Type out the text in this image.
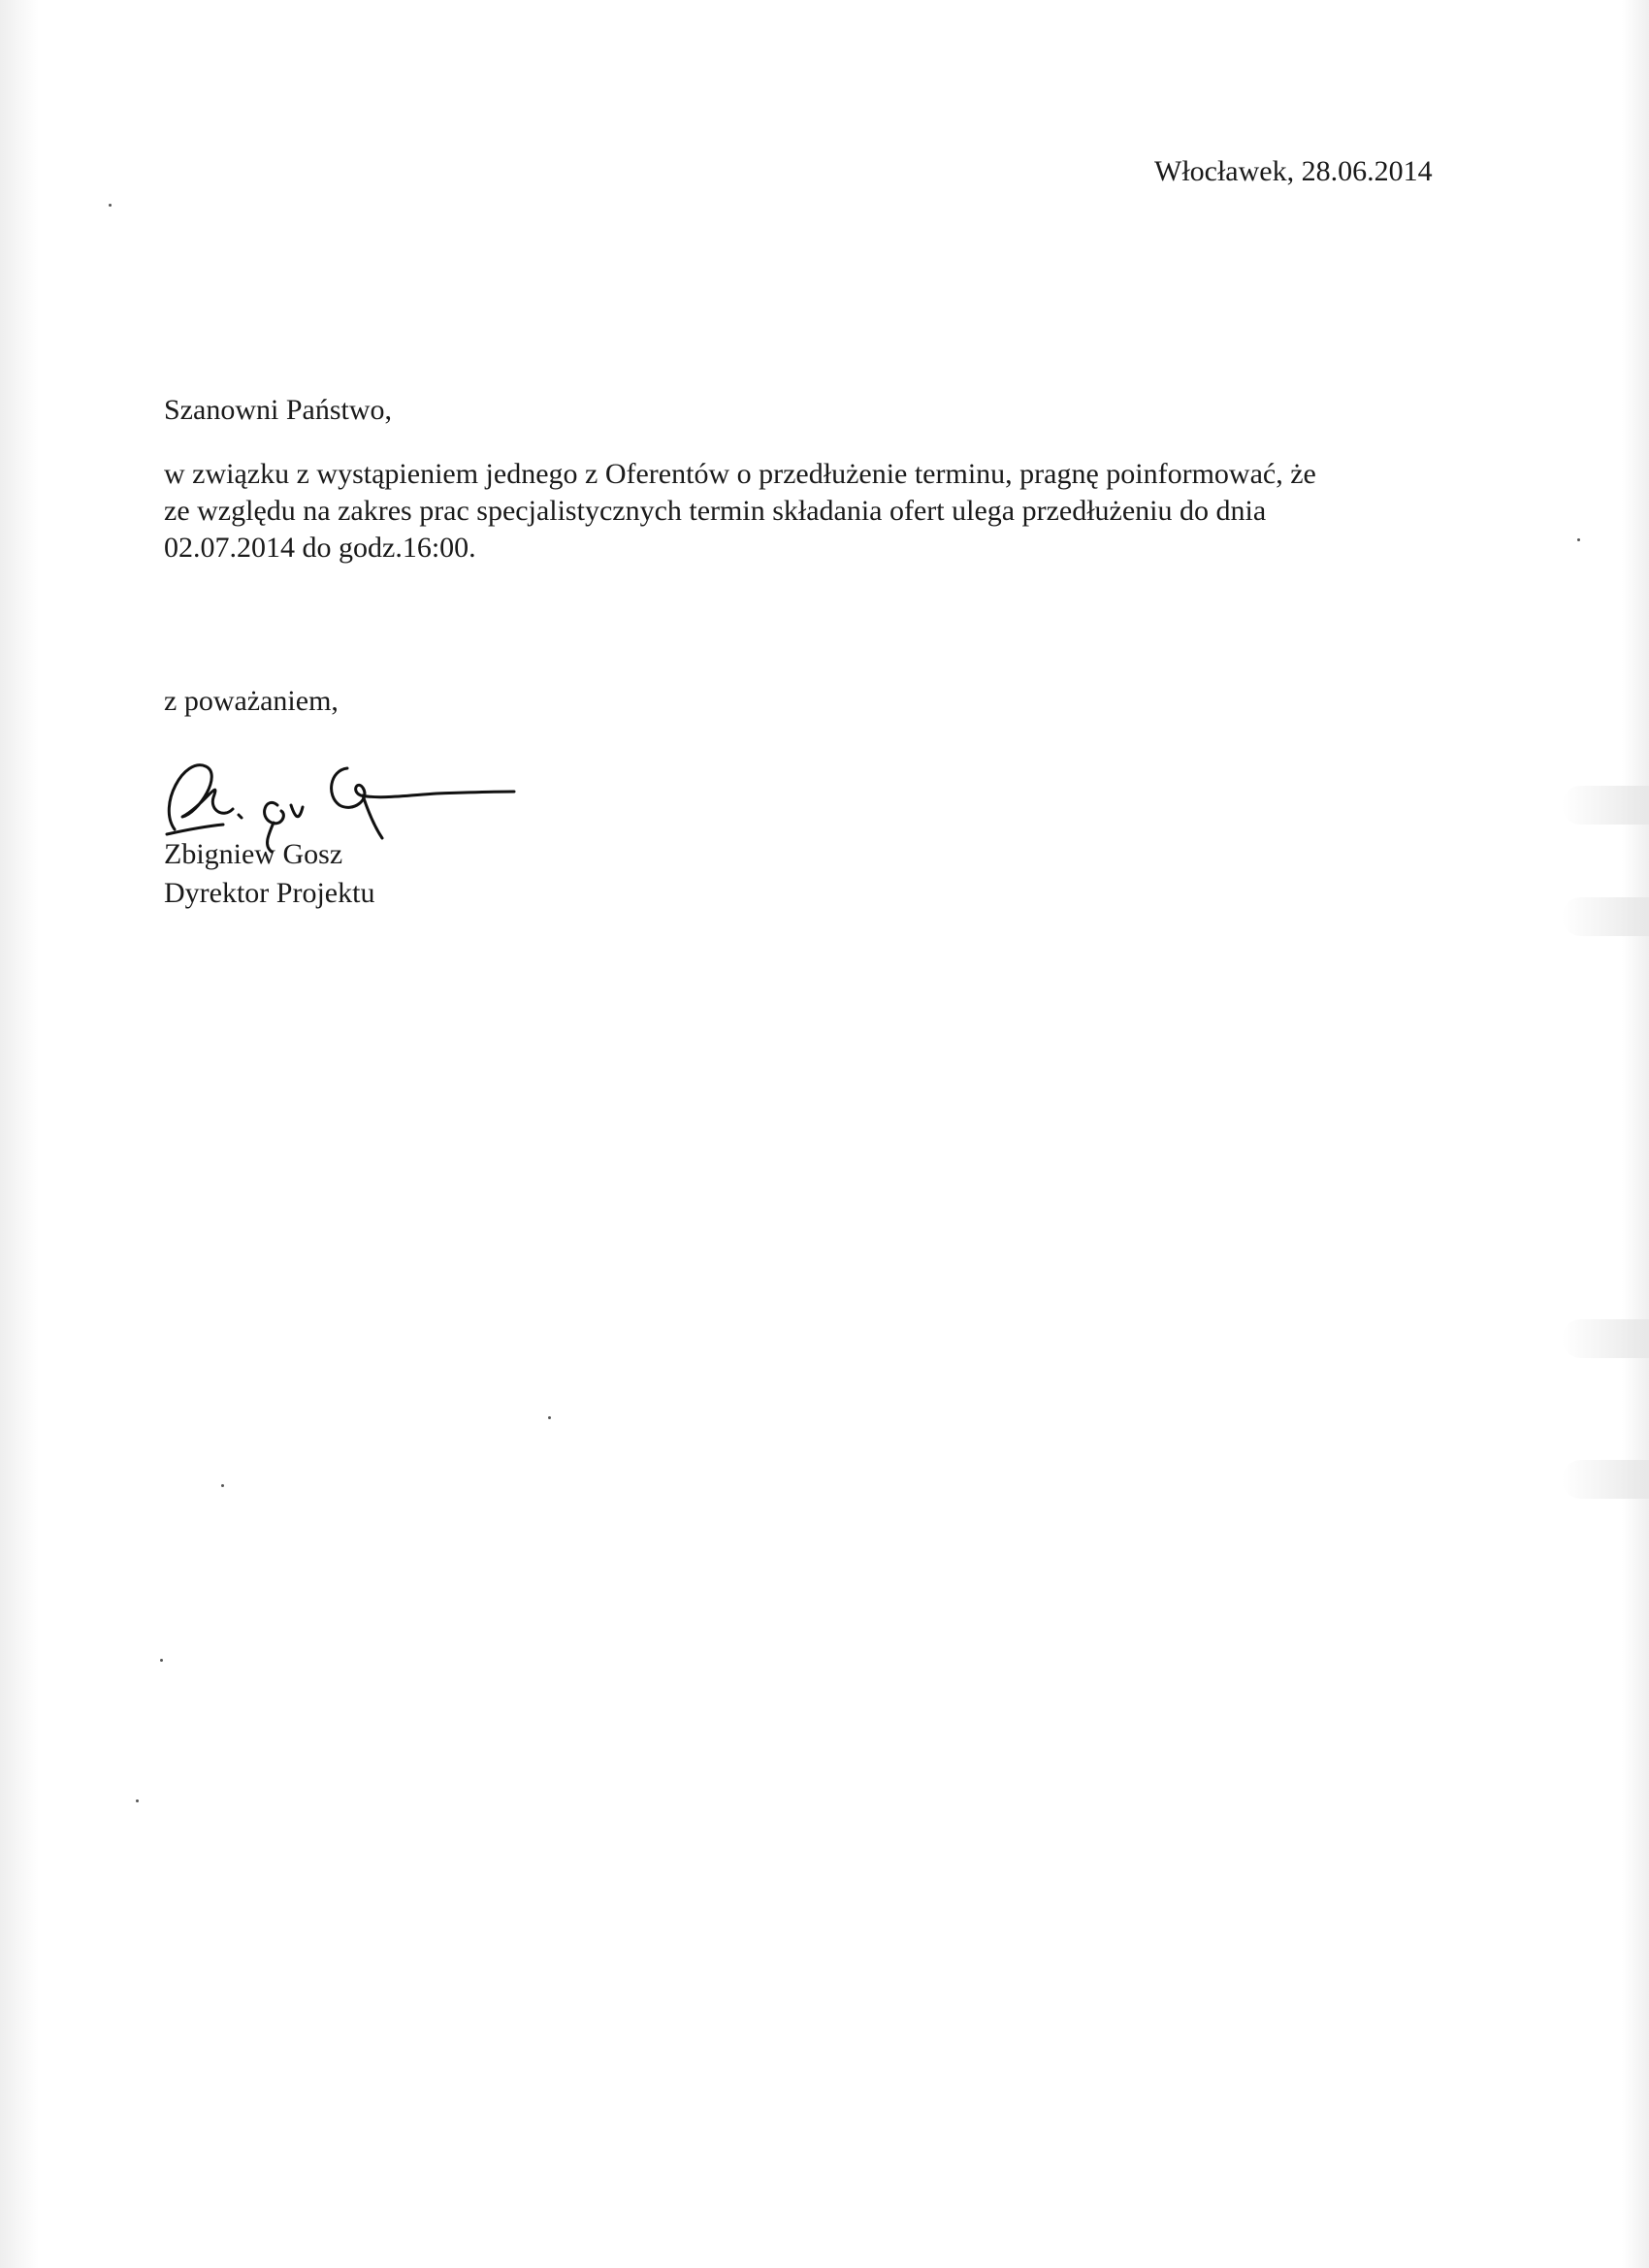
Włocławek, 28.06.2014

Szanowni Państwo,

w związku z wystąpieniem jednego z Oferentów o przedłużenie terminu, pragnę poinformować, że
ze względu na zakres prac specjalistycznych termin składania ofert ulega przedłużeniu do dnia
02.07.2014 do godz.16:00.

z poważaniem,

Zbigniew Gosz

Dyrektor Projektu
